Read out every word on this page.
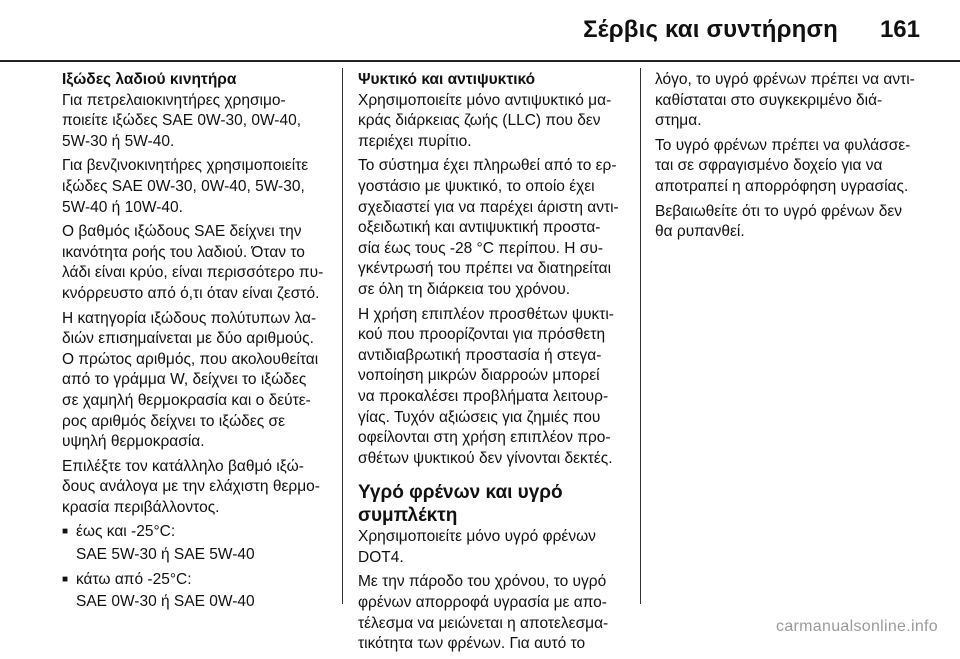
Σέρβις και συντήρηση 161
Ιξώδες λαδιού κινητήρα

Για πετρελαιοκινητήρες χρησιμο-
ποιείτε ιξώδες SAE 0W-30, 0W-40,
5W-30 ή 5W-40.

Για βενζινοκινητήρες χρησιμοποιείτε
ιξώδες SAE 0W-30, 0W-40, 5W-30,
5W-40 ή 10W-40.

Ο βαθμός ιξώδους SAE δείχνει την
ικανότητα ροής του λαδιού. Όταν το
λάδι είναι κρύο, είναι περισσότερο πυ-
κνόρρευστο από ό,τι όταν είναι ζεστό.

Η κατηγορία ιξώδους πολύτυπων λα-
διών επισημαίνεται με δύο αριθμούς.
Ο πρώτος αριθμός, που ακολουθείται
από το γράμμα W, δείχνει το ιξώδες
σε χαμηλή θερμοκρασία και ο δεύτε-
ρος αριθμός δείχνει το ιξώδες σε
υψηλή θερμοκρασία.

Επιλέξτε τον κατάλληλο βαθμό ιξώ-
δους ανάλογα με την ελάχιστη θερμο-
κρασία περιβάλλοντος.

■ έως και -25°C:
SAE 5W-30 ή SAE 5W-40
■ κάτω από -25°C:
SAE 0W-30 ή SAE 0W-40
Ψυκτικό και αντιψυκτικό

Χρησιμοποιείτε μόνο αντιψυκτικό μα-
κράς διάρκειας ζωής (LLC) που δεν
περιέχει πυρίτιο.

Το σύστημα έχει πληρωθεί από το ερ-
γοστάσιο με ψυκτικό, το οποίο έχει
σχεδιαστεί για να παρέχει άριστη αντι-
οξειδωτική και αντιψυκτική προστα-
σία έως τους -28 °C περίπου. Η συ-
γκέντρωσή του πρέπει να διατηρείται
σε όλη τη διάρκεια του χρόνου.

Η χρήση επιπλέον προσθέτων ψυκτι-
κού που προορίζονται για πρόσθετη
αντιδιαβρωτική προστασία ή στεγα-
νοποίηση μικρών διαρροών μπορεί
να προκαλέσει προβλήματα λειτουρ-
γίας. Τυχόν αξιώσεις για ζημιές που
οφείλονται στη χρήση επιπλέον προ-
σθέτων ψυκτικού δεν γίνονται δεκτές.

Υγρό φρένων και υγρό
συμπλέκτη

Χρησιμοποιείτε μόνο υγρό φρένων
DOT4.

Με την πάροδο του χρόνου, το υγρό
φρένων απορροφά υγρασία με απο-
τέλεσμα να μειώνεται η αποτελεσμα-
τικότητα των φρένων. Για αυτό το

λόγο, το υγρό φρένων πρέπει να αντι-
καθίσταται στο συγκεκριμένο διά-
στημα.

Το υγρό φρένων πρέπει να φυλάσσε-
ται σε σφραγισμένο δοχείο για να
αποτραπεί η απορρόφηση υγρασίας.

Βεβαιωθείτε ότι το υγρό φρένων δεν
θα ρυπανθεί.

carmanualsonline.info
